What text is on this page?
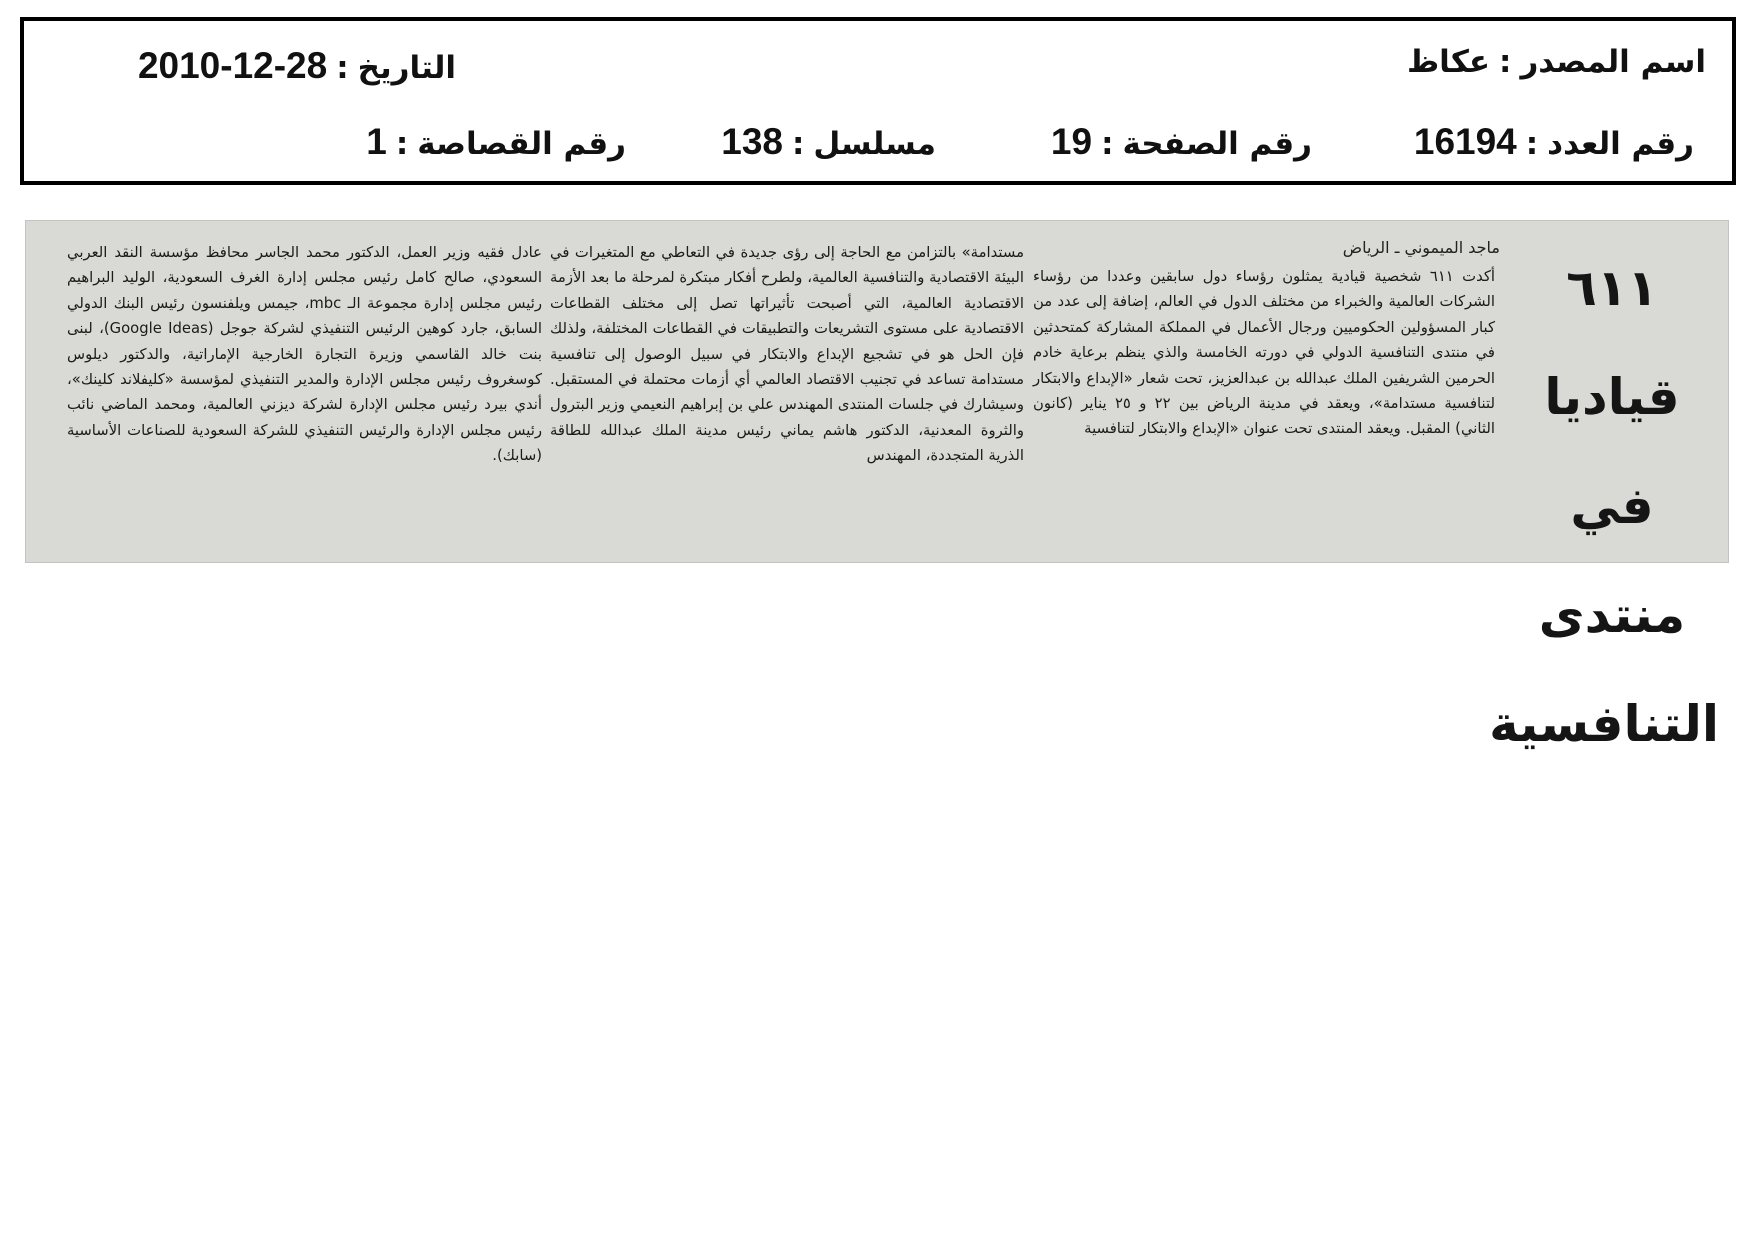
اسم المصدر:عكاظ
التاريخ:2010-12-28
رقم العدد:16194
رقم الصفحة:19
مسلسل:138
رقم القصاصة:1
٦١١ قياديا في منتدى التنافسية
ماجد الميموني ـ الرياض
أكدت ٦١١ شخصية قيادية يمثلون رؤساء دول سابقين وعددا من رؤساء الشركات العالمية والخبراء من مختلف الدول في العالم، إضافة إلى عدد من كبار المسؤولين الحكوميين ورجال الأعمال في المملكة المشاركة كمتحدثين في منتدى التنافسية الدولي في دورته الخامسة والذي ينظم برعاية خادم الحرمين الشريفين الملك عبدالله بن عبدالعزيز، تحت شعار «الإبداع والابتكار لتنافسية مستدامة»، ويعقد في مدينة الرياض بين ٢٢ و ٢٥ يناير (كانون الثاني) المقبل. ويعقد المنتدى تحت عنوان «الإبداع والابتكار لتنافسية
مستدامة» بالتزامن مع الحاجة إلى رؤى جديدة في التعاطي مع المتغيرات في البيئة الاقتصادية والتنافسية العالمية، ولطرح أفكار مبتكرة لمرحلة ما بعد الأزمة الاقتصادية العالمية، التي أصبحت تأثيراتها تصل إلى مختلف القطاعات الاقتصادية على مستوى التشريعات والتطبيقات في القطاعات المختلفة، ولذلك فإن الحل هو في تشجيع الإبداع والابتكار في سبيل الوصول إلى تنافسية مستدامة تساعد في تجنيب الاقتصاد العالمي أي أزمات محتملة في المستقبل. وسيشارك في جلسات المنتدى المهندس علي بن إبراهيم النعيمي وزير البترول والثروة المعدنية، الدكتور هاشم يماني رئيس مدينة الملك عبدالله للطاقة الذرية المتجددة، المهندس
عادل فقيه وزير العمل، الدكتور محمد الجاسر محافظ مؤسسة النقد العربي السعودي، صالح كامل رئيس مجلس إدارة الغرف السعودية، الوليد البراهيم رئيس مجلس إدارة مجموعة الـ mbc، جيمس ويلفنسون رئيس البنك الدولي السابق، جارد كوهين الرئيس التنفيذي لشركة جوجل (Google Ideas)، لبنى بنت خالد القاسمي وزيرة التجارة الخارجية الإماراتية، والدكتور ديلوس كوسغروف رئيس مجلس الإدارة والمدير التنفيذي لمؤسسة «كليفلاند كلينك»، أندي بيرد رئيس مجلس الإدارة لشركة ديزني العالمية، ومحمد الماضي نائب رئيس مجلس الإدارة والرئيس التنفيذي للشركة السعودية للصناعات الأساسية (سابك).
